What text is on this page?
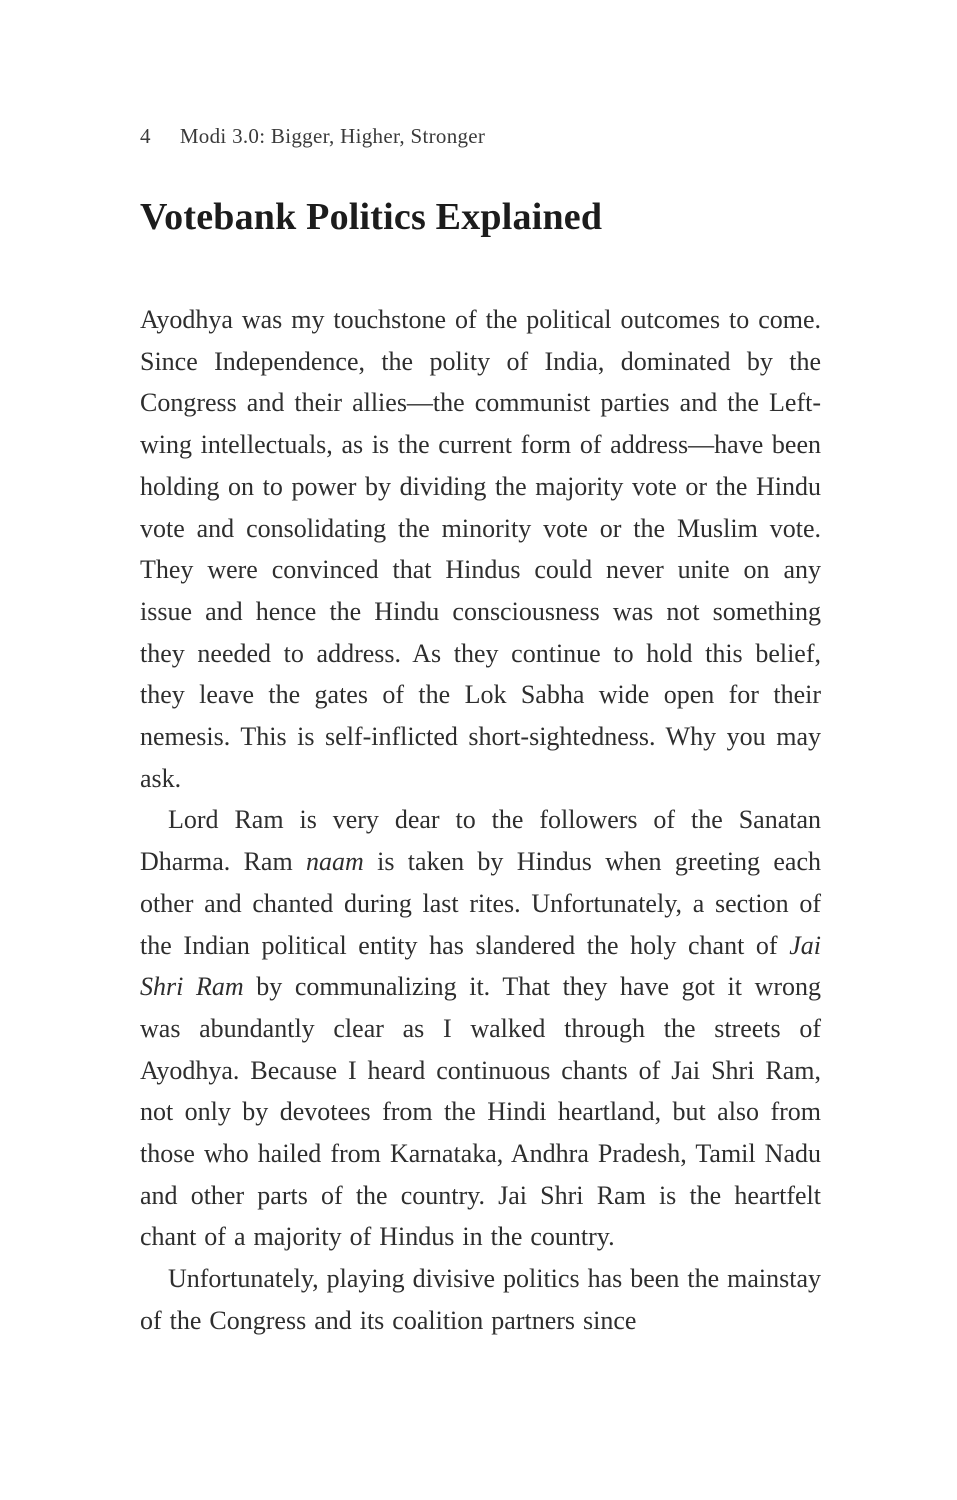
4 Modi 3.0: Bigger, Higher, Stronger
Votebank Politics Explained

Ayodhya was my touchstone of the political outcomes to come. Since Independence, the polity of India, dominated by the Congress and their allies—the communist parties and the Left-wing intellectuals, as is the current form of address—have been holding on to power by dividing the majority vote or the Hindu vote and consolidating the minority vote or the Muslim vote. They were convinced that Hindus could never unite on any issue and hence the Hindu consciousness was not something they needed to address. As they continue to hold this belief, they leave the gates of the Lok Sabha wide open for their nemesis. This is self-inflicted short-sightedness. Why you may ask.

Lord Ram is very dear to the followers of the Sanatan Dharma. Ram naam is taken by Hindus when greeting each other and chanted during last rites. Unfortunately, a section of the Indian political entity has slandered the holy chant of Jai Shri Ram by communalizing it. That they have got it wrong was abundantly clear as I walked through the streets of Ayodhya. Because I heard continuous chants of Jai Shri Ram, not only by devotees from the Hindi heartland, but also from those who hailed from Karnataka, Andhra Pradesh, Tamil Nadu and other parts of the country. Jai Shri Ram is the heartfelt chant of a majority of Hindus in the country.

Unfortunately, playing divisive politics has been the mainstay of the Congress and its coalition partners since
